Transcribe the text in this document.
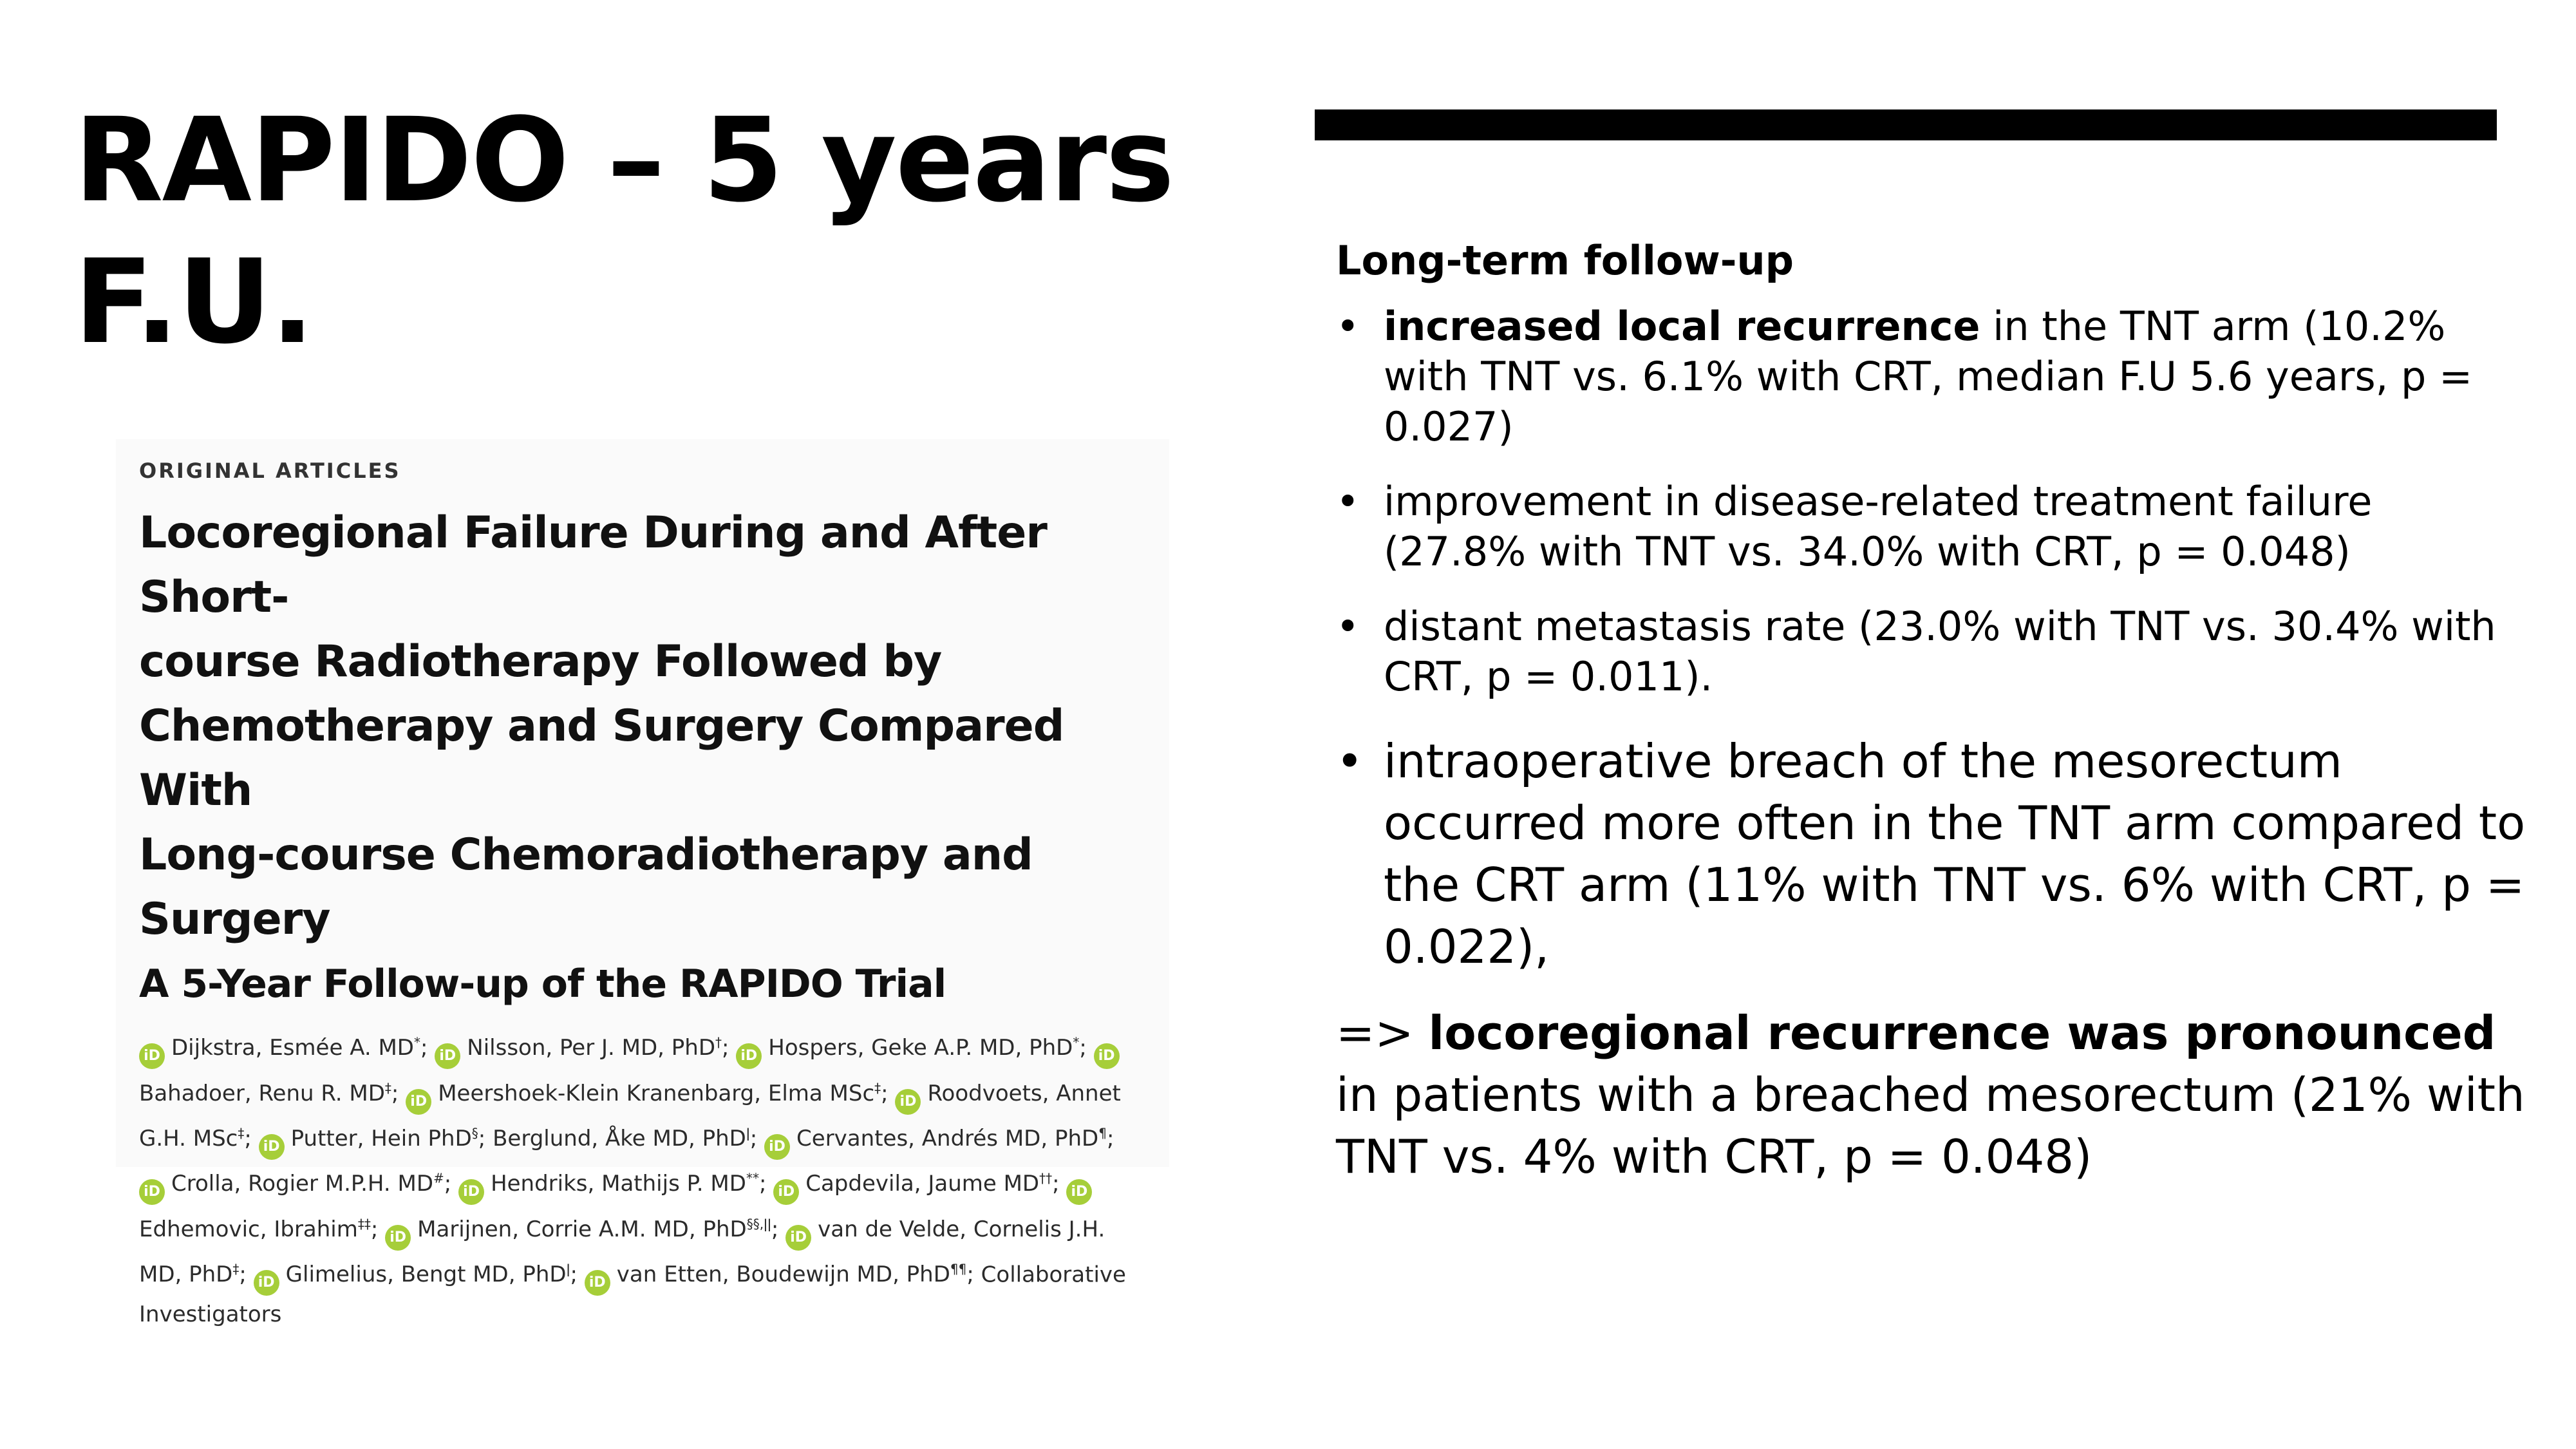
RAPIDO – 5 years
F.U.
ORIGINAL ARTICLES
Locoregional Failure During and After Short-
course Radiotherapy Followed by
Chemotherapy and Surgery Compared With
Long-course Chemoradiotherapy and
Surgery
A 5-Year Follow-up of the RAPIDO Trial
iD Dijkstra, Esmée A. MD*; iD Nilsson, Per J. MD, PhD†; iD Hospers, Geke A.P. MD, PhD*; iDBahadoer, Renu R. MD‡; iD Meershoek-Klein Kranenbarg, Elma MSc‡; iD Roodvoets, Annet G.H. MSc‡; iD Putter, Hein PhD§; Berglund, Åke MD, PhD$^ǀ$; iD Cervantes, Andrés MD, PhD¶; iD Crolla, Rogier M.P.H. MD#; iD Hendriks, Mathijs P. MD**; iD Capdevila, Jaume MD††; iDEdhemovic, Ibrahim‡‡; iD Marijnen, Corrie A.M. MD, PhD$^{\S\S,ǀǀ}$; iD van de Velde, Cornelis J.H. MD, PhD‡; iD Glimelius, Bengt MD, PhD$^ǀ$; iD van Etten, Boudewijn MD, PhD¶¶; Collaborative Investigators
Long-term follow-up
• increased local recurrence in the TNT arm (10.2% with TNT vs. 6.1% with CRT, median F.U 5.6 years, p = 0.027)
• improvement in disease-related treatment failure (27.8% with TNT vs. 34.0% with CRT, p = 0.048)
• distant metastasis rate (23.0% with TNT vs. 30.4% with CRT, p = 0.011).
• intraoperative breach of the mesorectum occurred more often in the TNT arm compared to the CRT arm (11% with TNT vs. 6% with CRT, p = 0.022),

=> locoregional recurrence was pronounced in patients with a breached mesorectum (21% with TNT vs. 4% with CRT, p = 0.048)
